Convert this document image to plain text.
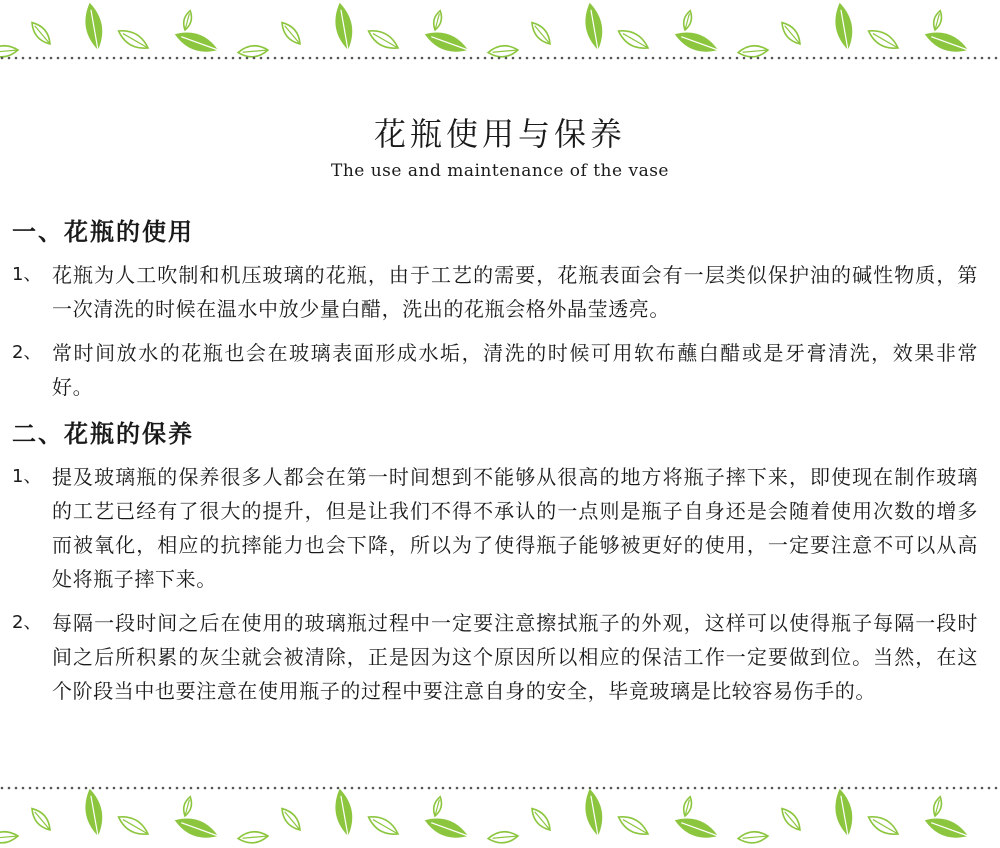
花瓶使用与保养

The use and maintenance of the vase

一、花瓶的使用
1、 花瓶为人工吹制和机压玻璃的花瓶，由于工艺的需要，花瓶表面会有一层类似保护油的碱性物质，第一次清洗的时候在温水中放少量白醋，洗出的花瓶会格外晶莹透亮。
2、 常时间放水的花瓶也会在玻璃表面形成水垢，清洗的时候可用软布蘸白醋或是牙膏清洗，效果非常好。
二、花瓶的保养
1、 提及玻璃瓶的保养很多人都会在第一时间想到不能够从很高的地方将瓶子摔下来，即使现在制作玻璃的工艺已经有了很大的提升，但是让我们不得不承认的一点则是瓶子自身还是会随着使用次数的增多而被氧化，相应的抗摔能力也会下降，所以为了使得瓶子能够被更好的使用，一定要注意不可以从高处将瓶子摔下来。
2、 每隔一段时间之后在使用的玻璃瓶过程中一定要注意擦拭瓶子的外观，这样可以使得瓶子每隔一段时间之后所积累的灰尘就会被清除，正是因为这个原因所以相应的保洁工作一定要做到位。当然，在这个阶段当中也要注意在使用瓶子的过程中要注意自身的安全，毕竟玻璃是比较容易伤手的。
